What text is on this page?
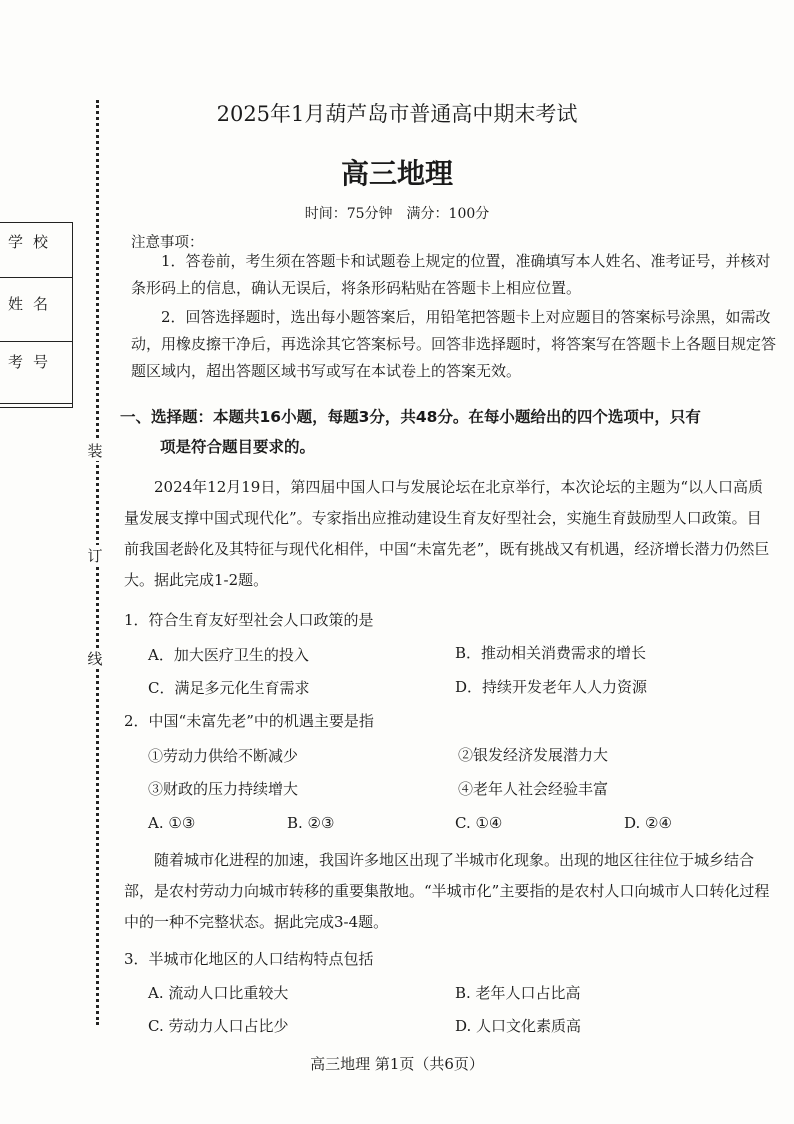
装
订
线
学校
姓名
考号
2025年1月葫芦岛市普通高中期末考试
高三地理
时间：75分钟　满分：100分
注意事项：
1．答卷前，考生须在答题卡和试题卷上规定的位置，准确填写本人姓名、准考证号，并核对条形码上的信息，确认无误后，将条形码粘贴在答题卡上相应位置。
2．回答选择题时，选出每小题答案后，用铅笔把答题卡上对应题目的答案标号涂黑，如需改动，用橡皮擦干净后，再选涂其它答案标号。回答非选择题时，将答案写在答题卡上各题目规定答题区域内，超出答题区域书写或写在本试卷上的答案无效。
一、选择题：本题共16小题，每题3分，共48分。在每小题给出的四个选项中，只有
项是符合题目要求的。
2024年12月19日，第四届中国人口与发展论坛在北京举行，本次论坛的主题为“以人口高质量发展支撑中国式现代化”。专家指出应推动建设生育友好型社会，实施生育鼓励型人口政策。目前我国老龄化及其特征与现代化相伴，中国“未富先老”，既有挑战又有机遇，经济增长潜力仍然巨大。据此完成1-2题。
1．符合生育友好型社会人口政策的是
A．加大医疗卫生的投入	B．推动相关消费需求的增长
C．满足多元化生育需求	D．持续开发老年人人力资源
2．中国“未富先老”中的机遇主要是指
①劳动力供给不断减少	②银发经济发展潜力大
③财政的压力持续增大	④老年人社会经验丰富
A. ①③	B. ②③	C. ①④	D. ②④
随着城市化进程的加速，我国许多地区出现了半城市化现象。出现的地区往往位于城乡结合部，是农村劳动力向城市转移的重要集散地。“半城市化”主要指的是农村人口向城市人口转化过程中的一种不完整状态。据此完成3-4题。
3．半城市化地区的人口结构特点包括
A. 流动人口比重较大	B. 老年人口占比高
C. 劳动力人口占比少	D. 人口文化素质高
高三地理 第1页（共6页）
